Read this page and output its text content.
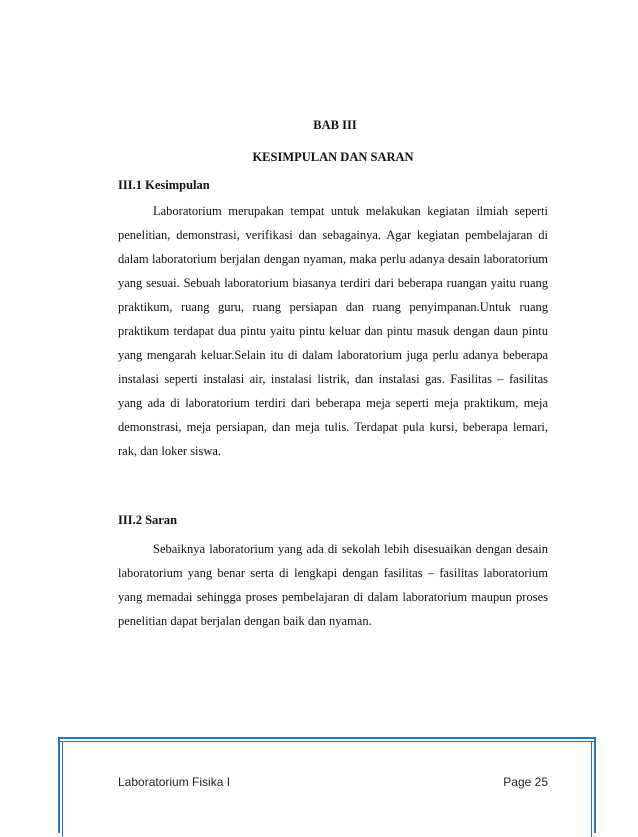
BAB III
KESIMPULAN DAN SARAN
III.1 Kesimpulan

Laboratorium merupakan tempat untuk melakukan kegiatan ilmiah seperti penelitian, demonstrasi, verifikasi dan sebagainya. Agar kegiatan pembelajaran di dalam laboratorium berjalan dengan nyaman, maka perlu adanya desain laboratorium yang sesuai. Sebuah laboratorium biasanya terdiri dari beberapa ruangan yaitu ruang praktikum, ruang guru, ruang persiapan dan ruang penyimpanan.Untuk ruang praktikum terdapat dua pintu yaitu pintu keluar dan pintu masuk dengan daun pintu yang mengarah keluar.Selain itu di dalam laboratorium juga perlu adanya beberapa instalasi seperti instalasi air, instalasi listrik, dan instalasi gas. Fasilitas – fasilitas yang ada di laboratorium terdiri dari beberapa meja seperti meja praktikum, meja demonstrasi, meja persiapan, dan meja tulis. Terdapat pula kursi, beberapa lemari, rak, dan loker siswa.

III.2 Saran

Sebaiknya laboratorium yang ada di sekolah lebih disesuaikan dengan desain laboratorium yang benar serta di lengkapi dengan fasilitas – fasilitas laboratorium yang memadai sehingga proses pembelajaran di dalam laboratorium maupun proses penelitian dapat berjalan dengan baik dan nyaman.

Laboratorium Fisika I	Page 25
